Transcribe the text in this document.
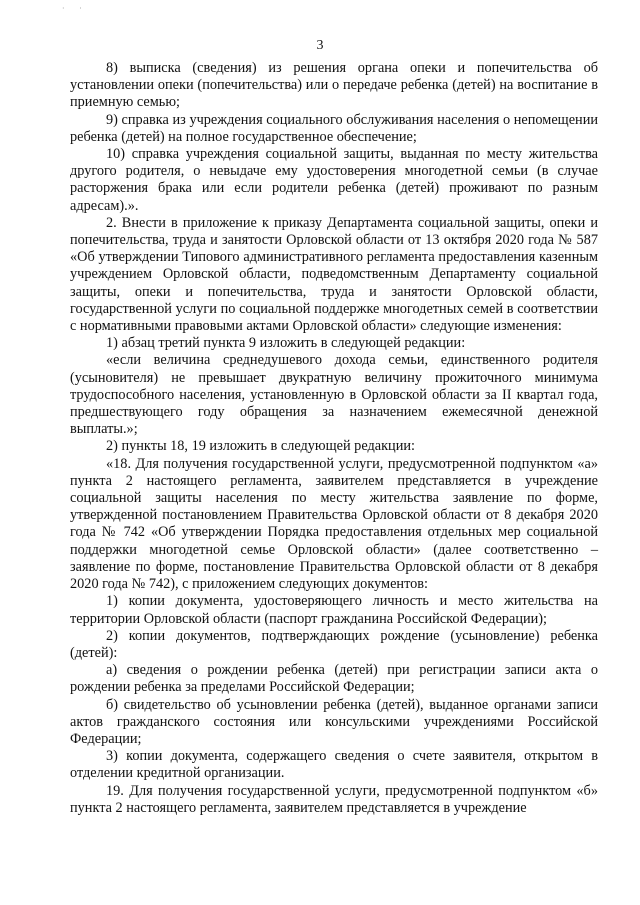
· ·
3

8) выписка (сведения) из решения органа опеки и попечительства об установлении опеки (попечительства) или о передаче ребенка (детей) на воспитание в приемную семью;

9) справка из учреждения социального обслуживания населения о непомещении ребенка (детей) на полное государственное обеспечение;

10) справка учреждения социальной защиты, выданная по месту жительства другого родителя, о невыдаче ему удостоверения многодетной семьи (в случае расторжения брака или если родители ребенка (детей) проживают по разным адресам).».

2. Внести в приложение к приказу Департамента социальной защиты, опеки и попечительства, труда и занятости Орловской области от 13 октября 2020 года № 587 «Об утверждении Типового административного регламента предоставления казенным учреждением Орловской области, подведомственным Департаменту социальной защиты, опеки и попечительства, труда и занятости Орловской области, государственной услуги по социальной поддержке многодетных семей в соответствии с нормативными правовыми актами Орловской области» следующие изменения:

1) абзац третий пункта 9 изложить в следующей редакции:

«если величина среднедушевого дохода семьи, единственного родителя (усыновителя) не превышает двукратную величину прожиточного минимума трудоспособного населения, установленную в Орловской области за II квартал года, предшествующего году обращения за назначением ежемесячной денежной выплаты.»;

2) пункты 18, 19 изложить в следующей редакции:

«18. Для получения государственной услуги, предусмотренной подпунктом «а» пункта 2 настоящего регламента, заявителем представляется в учреждение социальной защиты населения по месту жительства заявление по форме, утвержденной постановлением Правительства Орловской области от 8 декабря 2020 года № 742 «Об утверждении Порядка предоставления отдельных мер социальной поддержки многодетной семье Орловской области» (далее соответственно – заявление по форме, постановление Правительства Орловской области от 8 декабря 2020 года № 742), с приложением следующих документов:

1) копии документа, удостоверяющего личность и место жительства на территории Орловской области (паспорт гражданина Российской Федерации);

2) копии документов, подтверждающих рождение (усыновление) ребенка (детей):

а) сведения о рождении ребенка (детей) при регистрации записи акта о рождении ребенка за пределами Российской Федерации;

б) свидетельство об усыновлении ребенка (детей), выданное органами записи актов гражданского состояния или консульскими учреждениями Российской Федерации;

3) копии документа, содержащего сведения о счете заявителя, открытом в отделении кредитной организации.

19. Для получения государственной услуги, предусмотренной подпунктом «б» пункта 2 настоящего регламента, заявителем представляется в учреждение
